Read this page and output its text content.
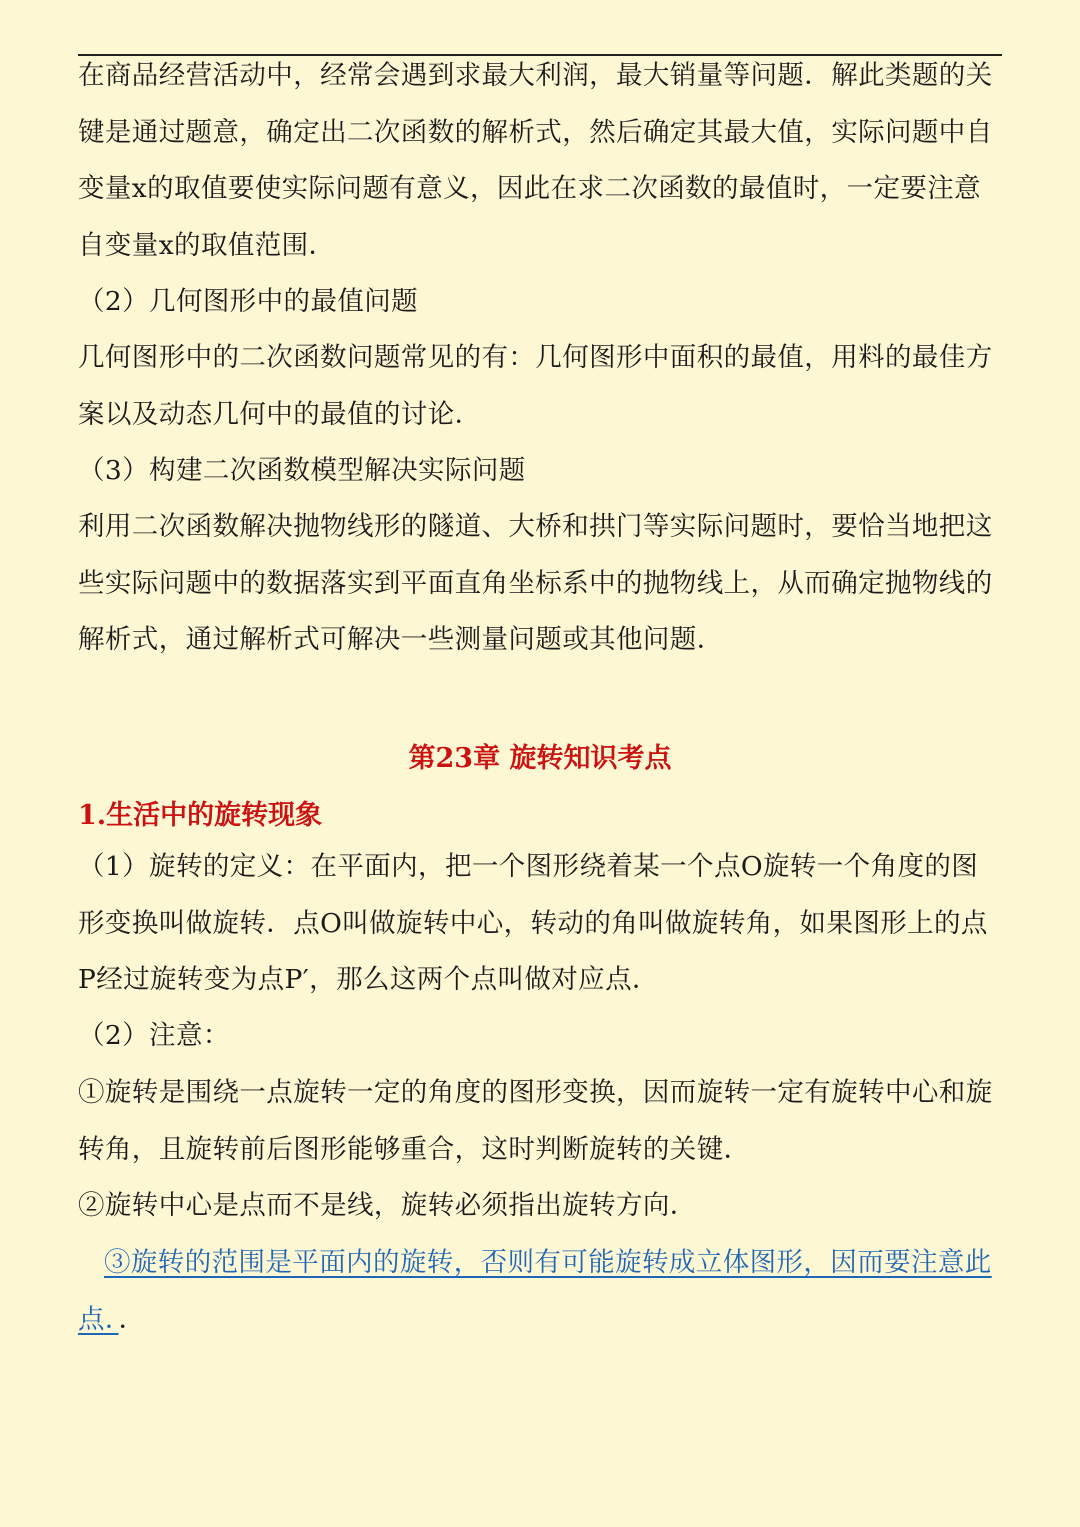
在商品经营活动中，经常会遇到求最大利润，最大销量等问题．解此类题的关键是通过题意，确定出二次函数的解析式，然后确定其最大值，实际问题中自变量x的取值要使实际问题有意义，因此在求二次函数的最值时，一定要注意自变量x的取值范围．
（2）几何图形中的最值问题
几何图形中的二次函数问题常见的有：几何图形中面积的最值，用料的最佳方案以及动态几何中的最值的讨论．
（3）构建二次函数模型解决实际问题
利用二次函数解决抛物线形的隧道、大桥和拱门等实际问题时，要恰当地把这些实际问题中的数据落实到平面直角坐标系中的抛物线上，从而确定抛物线的解析式，通过解析式可解决一些测量问题或其他问题．
第23章 旋转知识考点
1.生活中的旋转现象
（1）旋转的定义：在平面内，把一个图形绕着某一个点O旋转一个角度的图形变换叫做旋转．点O叫做旋转中心，转动的角叫做旋转角，如果图形上的点P经过旋转变为点P′，那么这两个点叫做对应点．
（2）注意：
①旋转是围绕一点旋转一定的角度的图形变换，因而旋转一定有旋转中心和旋转角，且旋转前后图形能够重合，这时判断旋转的关键．
②旋转中心是点而不是线，旋转必须指出旋转方向．
③旋转的范围是平面内的旋转，否则有可能旋转成立体图形，因而要注意此点．．
